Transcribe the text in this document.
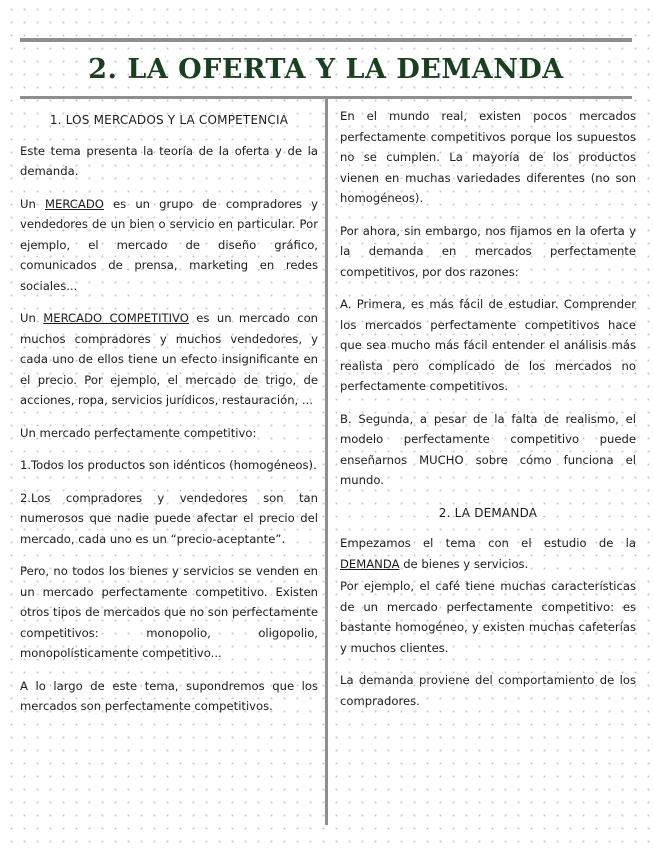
2. LA OFERTA Y LA DEMANDA
1. LOS MERCADOS Y LA COMPETENCIA

Este tema presenta la teoría de la oferta y de la demanda.

Un MERCADO es un grupo de compradores y vendedores de un bien o servicio en particular. Por ejemplo, el mercado de diseño gráfico, comunicados de prensa, marketing en redes sociales...

Un MERCADO COMPETITIVO es un mercado con muchos compradores y muchos vendedores, y cada uno de ellos tiene un efecto insignificante en el precio. Por ejemplo, el mercado de trigo, de acciones, ropa, servicios jurídicos, restauración, ...

Un mercado perfectamente competitivo:

1.Todos los productos son idénticos (homogéneos).

2.Los compradores y vendedores son tan numerosos que nadie puede afectar el precio del mercado, cada uno es un “precio-aceptante”.

Pero, no todos los bienes y servicios se venden en un mercado perfectamente competitivo. Existen otros tipos de mercados que no son perfectamente competitivos: monopolio, oligopolio, monopolísticamente competitivo...

A lo largo de este tema, supondremos que los mercados son perfectamente competitivos.

En el mundo real, existen pocos mercados perfectamente competitivos porque los supuestos no se cumplen. La mayoría de los productos vienen en muchas variedades diferentes (no son homogéneos).

Por ahora, sin embargo, nos fijamos en la oferta y la demanda en mercados perfectamente competitivos, por dos razones:

A. Primera, es más fácil de estudiar. Comprender los mercados perfectamente competitivos hace que sea mucho más fácil entender el análisis más realista pero complicado de los mercados no perfectamente competitivos.

B. Segunda, a pesar de la falta de realismo, el modelo perfectamente competitivo puede enseñarnos MUCHO sobre cómo funciona el mundo.

2. LA DEMANDA

Empezamos el tema con el estudio de la DEMANDA de bienes y servicios.

Por ejemplo, el café tiene muchas características de un mercado perfectamente competitivo: es bastante homogéneo, y existen muchas cafeterías y muchos clientes.

La demanda proviene del comportamiento de los compradores.
